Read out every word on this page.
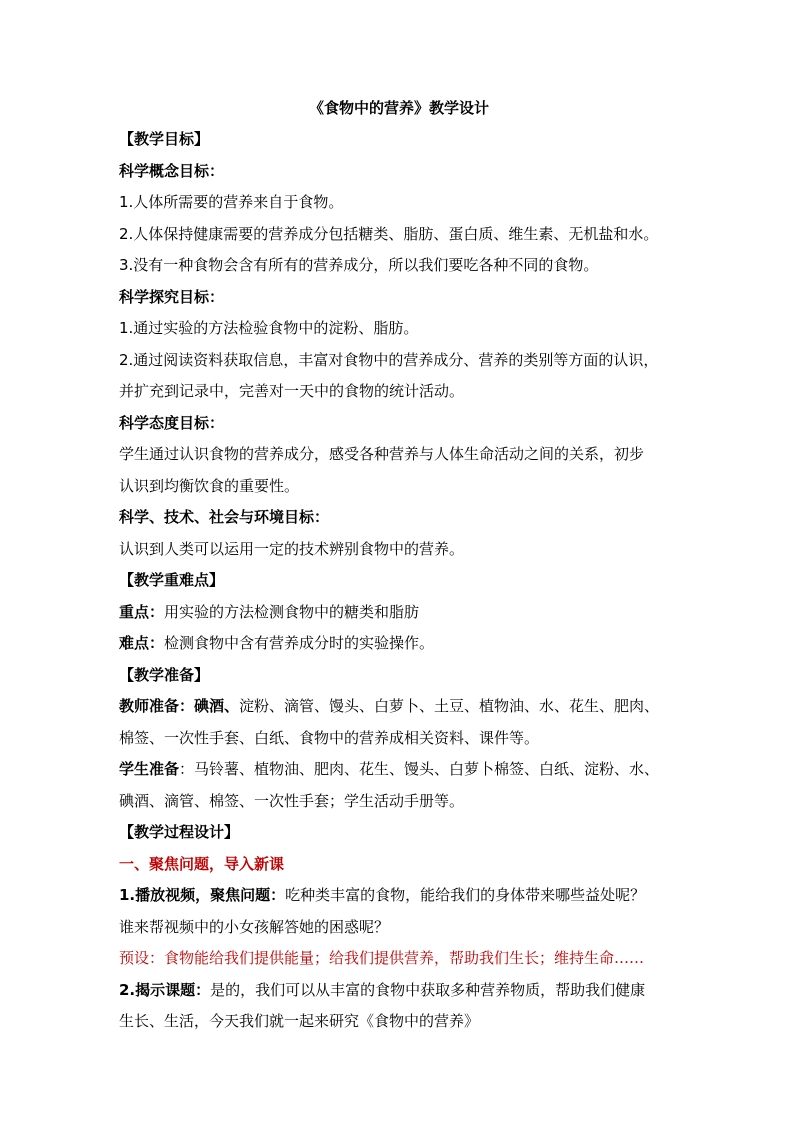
《食物中的营养》教学设计
【教学目标】
科学概念目标：
1.人体所需要的营养来自于食物。
2.人体保持健康需要的营养成分包括糖类、脂肪、蛋白质、维生素、无机盐和水。
3.没有一种食物会含有所有的营养成分，所以我们要吃各种不同的食物。
科学探究目标：
1.通过实验的方法检验食物中的淀粉、脂肪。
2.通过阅读资料获取信息，丰富对食物中的营养成分、营养的类别等方面的认识，
并扩充到记录中，完善对一天中的食物的统计活动。
科学态度目标：
学生通过认识食物的营养成分，感受各种营养与人体生命活动之间的关系，初步
认识到均衡饮食的重要性。
科学、技术、社会与环境目标：
认识到人类可以运用一定的技术辨别食物中的营养。
【教学重难点】
重点：用实验的方法检测食物中的糖类和脂肪
难点：检测食物中含有营养成分时的实验操作。
【教学准备】
教师准备：碘酒、淀粉、滴管、馒头、白萝卜、土豆、植物油、水、花生、肥肉、
棉签、一次性手套、白纸、食物中的营养成相关资料、课件等。
学生准备：马铃薯、植物油、肥肉、花生、馒头、白萝卜棉签、白纸、淀粉、水、
碘酒、滴管、棉签、一次性手套；学生活动手册等。
【教学过程设计】
一、聚焦问题，导入新课
1.播放视频，聚焦问题：吃种类丰富的食物，能给我们的身体带来哪些益处呢？
谁来帮视频中的小女孩解答她的困惑呢？
预设：食物能给我们提供能量；给我们提供营养，帮助我们生长；维持生命……
2.揭示课题：是的，我们可以从丰富的食物中获取多种营养物质，帮助我们健康
生长、生活，今天我们就一起来研究《食物中的营养》
